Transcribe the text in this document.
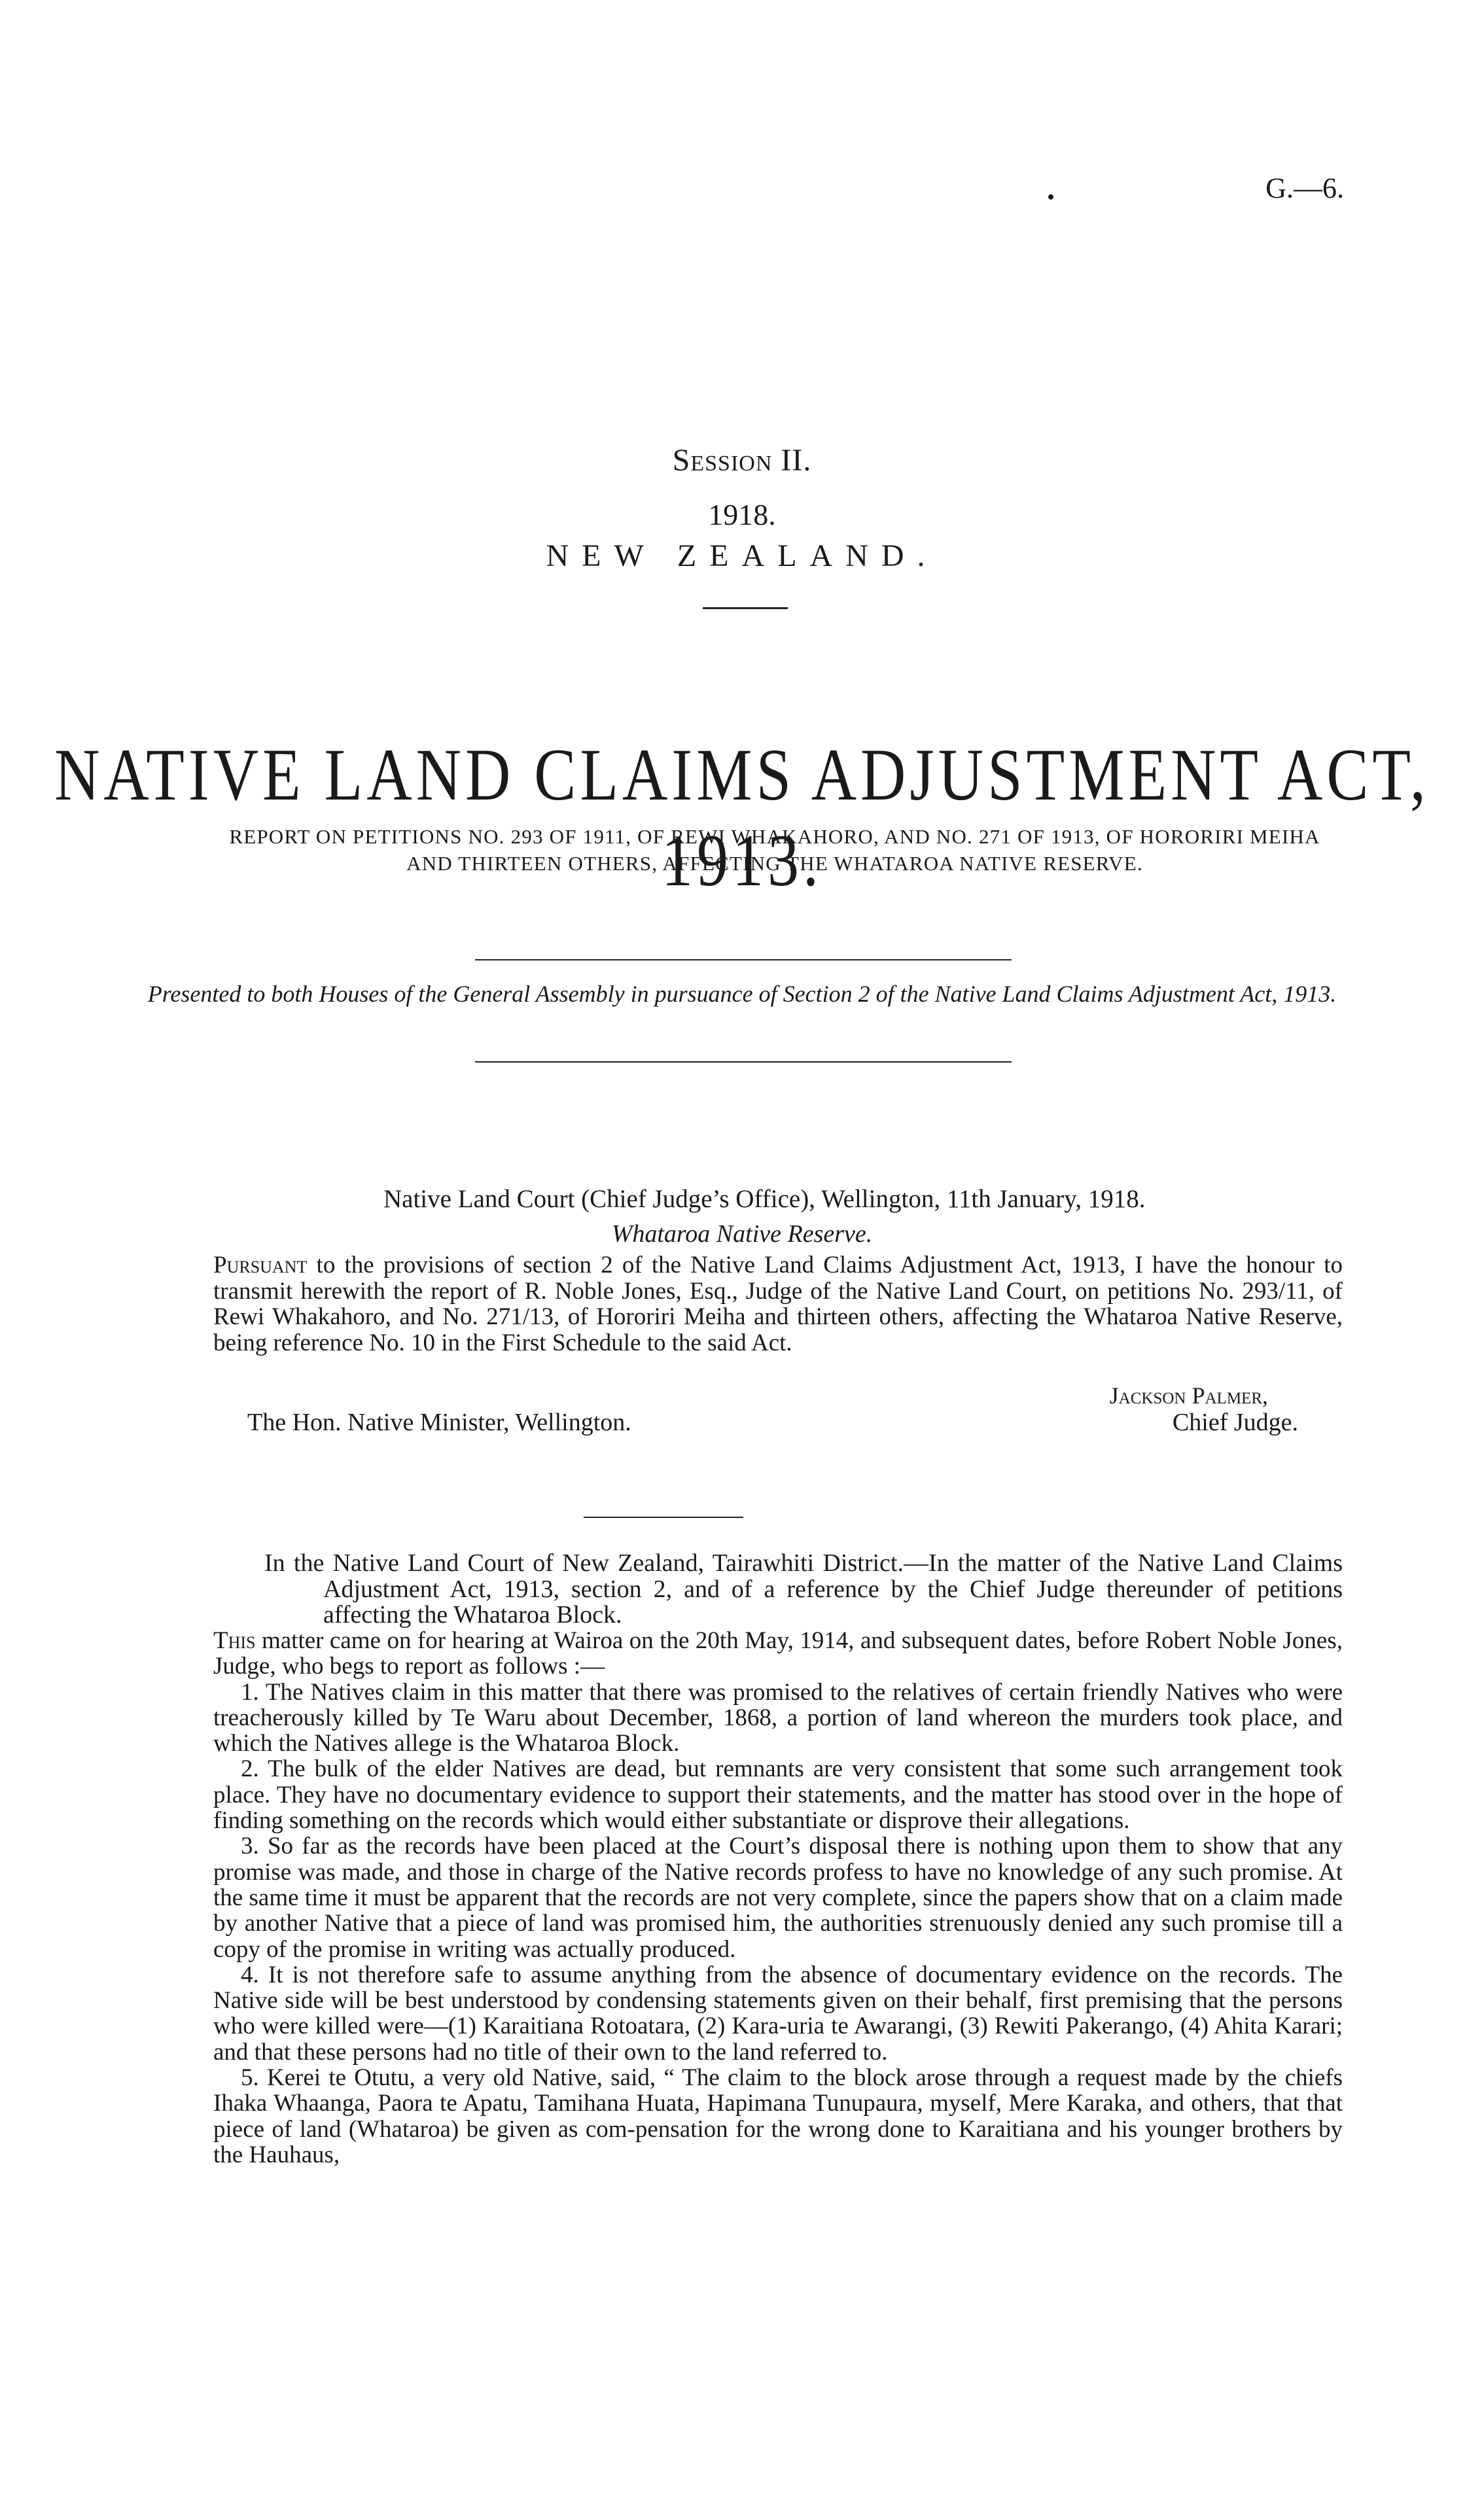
G.—6.
Session II.
1918.
NEW ZEALAND.
NATIVE LAND CLAIMS ADJUSTMENT ACT, 1913.
REPORT ON PETITIONS NO. 293 OF 1911, OF REWI WHAKAHORO, AND NO. 271 OF 1913, OF HORORIRI MEIHA AND THIRTEEN OTHERS, AFFECTING THE WHATAROA NATIVE RESERVE.
Presented to both Houses of the General Assembly in pursuance of Section 2 of the Native Land Claims Adjustment Act, 1913.
Native Land Court (Chief Judge’s Office), Wellington, 11th January, 1918.
Whataroa Native Reserve.
Pursuant to the provisions of section 2 of the Native Land Claims Adjustment Act, 1913, I have the honour to transmit herewith the report of R. Noble Jones, Esq., Judge of the Native Land Court, on petitions No. 293/11, of Rewi Whakahoro, and No. 271/13, of Hororiri Meiha and thirteen others, affecting the Whataroa Native Reserve, being reference No. 10 in the First Schedule to the said Act.
Jackson Palmer,
The Hon. Native Minister, Wellington.	Chief Judge.
In the Native Land Court of New Zealand, Tairawhiti District.—In the matter of the Native Land Claims Adjustment Act, 1913, section 2, and of a reference by the Chief Judge thereunder of petitions affecting the Whataroa Block.

This matter came on for hearing at Wairoa on the 20th May, 1914, and subsequent dates, before Robert Noble Jones, Judge, who begs to report as follows :—

1. The Natives claim in this matter that there was promised to the relatives of certain friendly Natives who were treacherously killed by Te Waru about December, 1868, a portion of land whereon the murders took place, and which the Natives allege is the Whataroa Block.

2. The bulk of the elder Natives are dead, but remnants are very consistent that some such arrangement took place. They have no documentary evidence to support their statements, and the matter has stood over in the hope of finding something on the records which would either substantiate or disprove their allegations.

3. So far as the records have been placed at the Court’s disposal there is nothing upon them to show that any promise was made, and those in charge of the Native records profess to have no knowledge of any such promise. At the same time it must be apparent that the records are not very complete, since the papers show that on a claim made by another Native that a piece of land was promised him, the authorities strenuously denied any such promise till a copy of the promise in writing was actually produced.

4. It is not therefore safe to assume anything from the absence of documentary evidence on the records. The Native side will be best understood by condensing statements given on their behalf, first premising that the persons who were killed were—(1) Karaitiana Rotoatara, (2) Kara-uria te Awarangi, (3) Rewiti Pakerango, (4) Ahita Karari; and that these persons had no title of their own to the land referred to.

5. Kerei te Otutu, a very old Native, said, “ The claim to the block arose through a request made by the chiefs Ihaka Whaanga, Paora te Apatu, Tamihana Huata, Hapimana Tunupaura, myself, Mere Karaka, and others, that that piece of land (Whataroa) be given as com-pensation for the wrong done to Karaitiana and his younger brothers by the Hauhaus,
